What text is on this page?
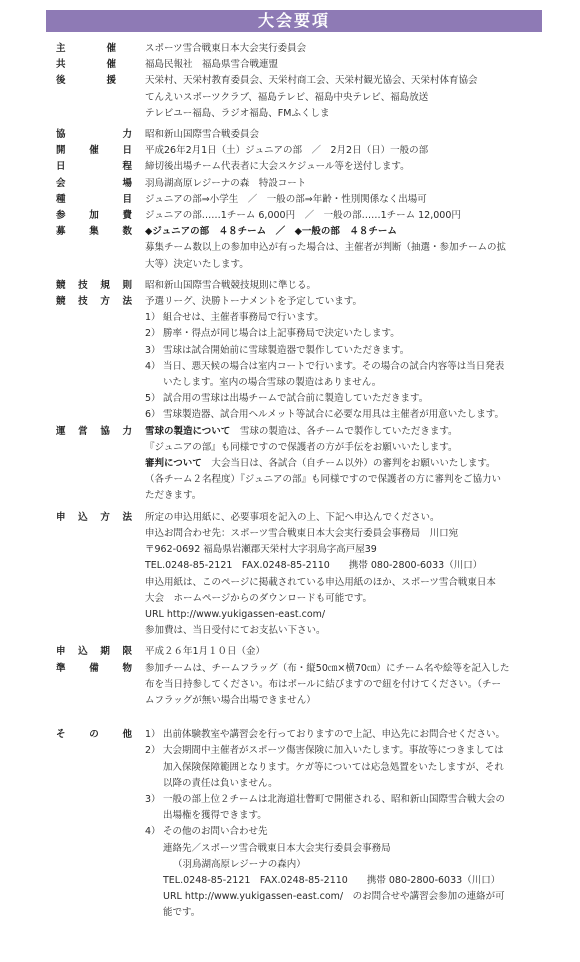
大会要項
主　催	スポーツ雪合戦東日本大会実行委員会
共　催	福島民報社　福島県雪合戦連盟
後　援	天栄村、天栄村教育委員会、天栄村商工会、天栄村観光協会、天栄村体育協会
てんえいスポーツクラブ、福島テレビ、福島中央テレビ、福島放送
テレビユー福島、ラジオ福島、FMふくしま
協　力 昭和新山国際雪合戦委員会
開催日 平成26年2月1日（土）ジュニアの部　／　2月2日（日）一般の部
日　程 締切後出場チーム代表者に大会スケジュール等を送付します。
会　場 羽鳥湖高原レジーナの森　特設コート
種　目 ジュニアの部⇒小学生　／　一般の部⇒年齢・性別関係なく出場可
参加費 ジュニアの部……1チーム 6,000円　／　一般の部……1チーム 12,000円
募集数 ◆ジュニアの部　４８チーム　／　◆一般の部　４８チーム
募集チーム数以上の参加申込が有った場合は、主催者が判断（抽選・参加チームの拡
大等）決定いたします。
競技規則 昭和新山国際雪合戦競技規則に準じる。
競技方法 予選リーグ、決勝トーナメントを予定しています。
1） 組合せは、主催者事務局で行います。
2） 勝率・得点が同じ場合は上記事務局で決定いたします。
3） 雪球は試合開始前に雪球製造器で製作していただきます。
4） 当日、悪天候の場合は室内コートで行います。その場合の試合内容等は当日発表
いたします。室内の場合雪球の製造はありません。
5） 試合用の雪球は出場チームで試合前に製造していただきます。
6） 雪球製造器、試合用ヘルメット等試合に必要な用具は主催者が用意いたします。
運営協力 雪球の製造について　雪球の製造は、各チームで製作していただきます。
『ジュニアの部』も同様ですので保護者の方が手伝をお願いいたします。
審判について　大会当日は、各試合（自チーム以外）の審判をお願いいたします。
（各チーム２名程度）『ジュニアの部』も同様ですので保護者の方に審判をご協力い
ただきます。
申込方法 所定の申込用紙に、必要事項を記入の上、下記へ申込んでください。
申込お問合わせ先：スポーツ雪合戦東日本大会実行委員会事務局　川口宛
〒962-0692 福島県岩瀬郡天栄村大字羽鳥字高戸屋39
TEL.0248-85-2121　FAX.0248-85-2110　　携帯 080-2800-6033（川口）
申込用紙は、このページに掲載されている申込用紙のほか、スポーツ雪合戦東日本
大会　ホームページからのダウンロードも可能です。
URL http://www.yukigassen-east.com/
参加費は、当日受付にてお支払い下さい。
申込期限 平成２６年1月１０日（金）
準備物 参加チームは、チームフラッグ（布・縦50㎝×横70㎝）にチーム名や絵等を記入した
布を当日持参してください。布はポールに結びますので紐を付けてください。（チー
ムフラッグが無い場合出場できません）
その他 1） 出前体験教室や講習会を行っておりますので上記、申込先にお問合せください。
2） 大会期間中主催者がスポーツ傷害保険に加入いたします。事故等につきましては
加入保険保障範囲となります。ケガ等については応急処置をいたしますが、それ
以降の責任は負いません。
3） 一般の部上位２チームは北海道壮瞥町で開催される、昭和新山国際雪合戦大会の
出場権を獲得できます。
4） その他のお問い合わせ先
連絡先／スポーツ雪合戦東日本大会実行委員会事務局
（羽鳥湖高原レジーナの森内）
TEL.0248-85-2121　FAX.0248-85-2110　　携帯 080-2800-6033（川口）
URL http://www.yukigassen-east.com/　のお問合せや講習会参加の連絡が可
能です。
